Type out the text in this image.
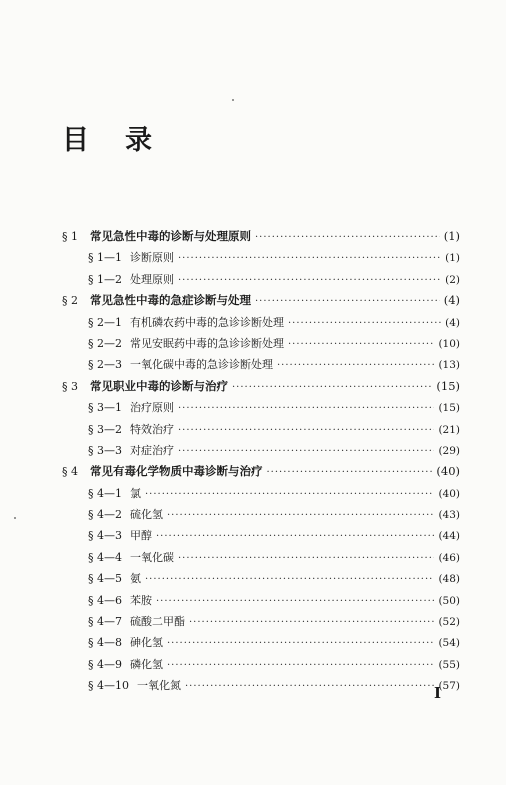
目 录
§ 1 常见急性中毒的诊断与处理原则 ·····	(1)
§ 1—1 诊断原则 ·····	(1)
§ 1—2 处理原则 ·····	(2)
§ 2 常见急性中毒的急症诊断与处理 ·····	(4)
§ 2—1 有机磷农药中毒的急诊诊断处理 ·····	(4)
§ 2—2 常见安眠药中毒的急诊诊断处理 ·····	(10)
§ 2—3 一氧化碳中毒的急诊诊断处理 ·····	(13)
§ 3 常见职业中毒的诊断与治疗 ·····	(15)
§ 3—1 治疗原则 ·····	(15)
§ 3—2 特效治疗 ·····	(21)
§ 3—3 对症治疗 ·····	(29)
§ 4 常见有毒化学物质中毒诊断与治疗 ·····	(40)
§ 4—1 氯 ·····	(40)
§ 4—2 硫化氢 ·····	(43)
§ 4—3 甲醇 ·····	(44)
§ 4—4 一氧化碳 ·····	(46)
§ 4—5 氨 ·····	(48)
§ 4—6 苯胺 ·····	(50)
§ 4—7 硫酸二甲酯 ·····	(52)
§ 4—8 砷化氢 ·····	(54)
§ 4—9 磷化氢 ·····	(55)
§ 4—10 一氧化氮 ·····	(57)
I
